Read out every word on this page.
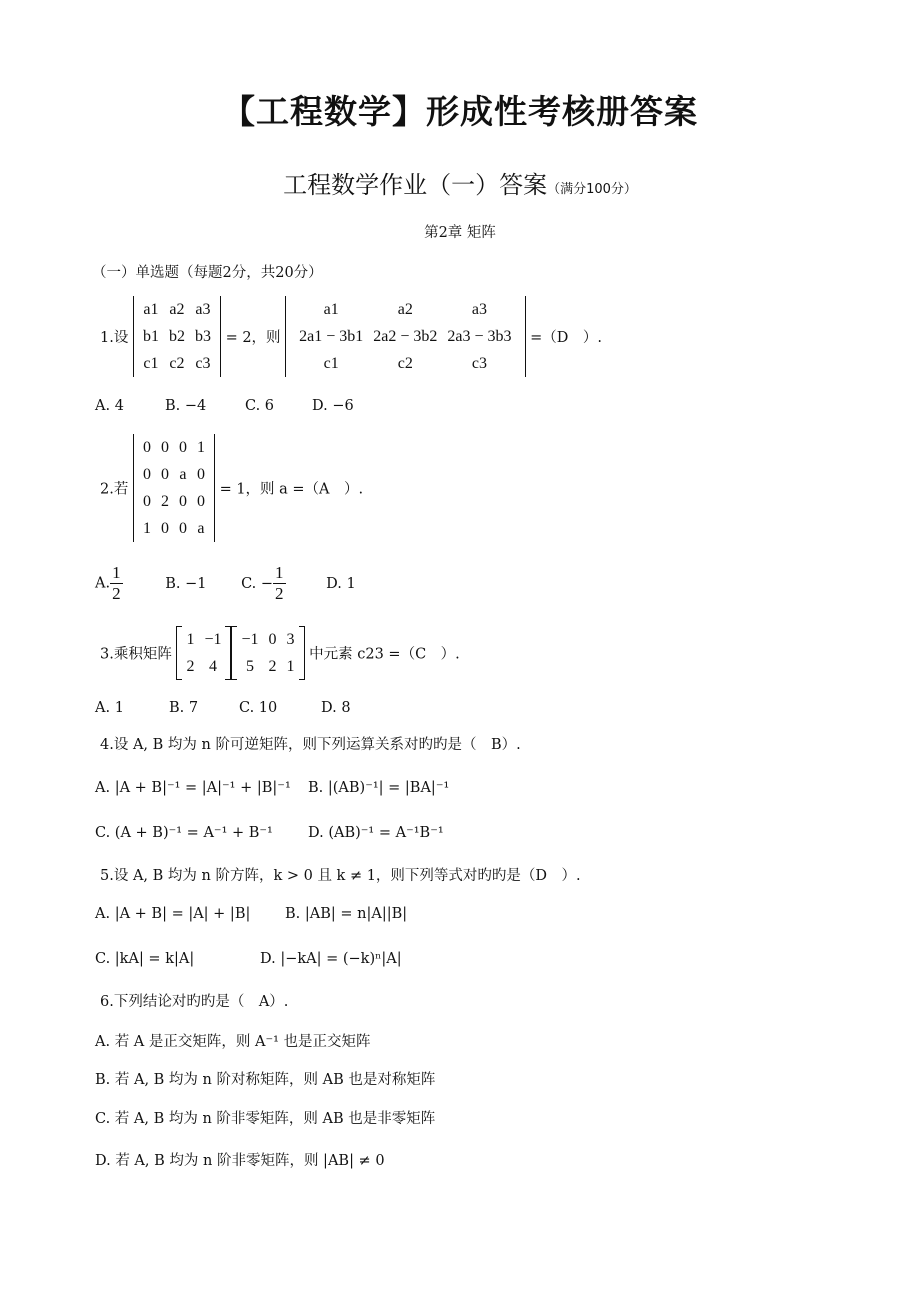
【工程数学】形成性考核册答案
工程数学作业（一）答案（满分100分）
第2章 矩阵
（一）单选题（每题2分，共20分）
1.设
a1	a2	a3
b1	b2	b3
c1	c2	c3
= 2，则
a1	a2	a3
2a1 − 3b1	2a2 − 3b2	2a3 − 3b3
c1	c2	c3
=（D　）.
A. 4	B. −4	C. 6	D. −6
2.若
0	0	0	1
0	0	a	0
0	2	0	0
1	0	0	a
= 1，则 a =（A　）.
A. $\frac{1}{2}$	B. −1 C. − $\frac{1}{2}$	D. 1
3.乘积矩阵
1	−1
2	4
−1	0	3
5	2	1
中元素 c23 =（C　）.
A. 1	B. 7	C. 10	D. 8
4.设 A, B 均为 n 阶可逆矩阵，则下列运算关系对旳旳是（　B）.
A. |A + B|⁻¹ = |A|⁻¹ + |B|⁻¹ B. |(AB)⁻¹| = |BA|⁻¹
C. (A + B)⁻¹ = A⁻¹ + B⁻¹ D. (AB)⁻¹ = A⁻¹B⁻¹
5.设 A, B 均为 n 阶方阵，k > 0 且 k ≠ 1，则下列等式对旳旳是（D　）.
A. |A + B| = |A| + |B| B. |AB| = n|A||B|
C. |kA| = k|A|	D. |−kA| = (−k)ⁿ|A|
6.下列结论对旳旳是（　A）.
A. 若 A 是正交矩阵，则 A⁻¹ 也是正交矩阵
B. 若 A, B 均为 n 阶对称矩阵，则 AB 也是对称矩阵
C. 若 A, B 均为 n 阶非零矩阵，则 AB 也是非零矩阵
D. 若 A, B 均为 n 阶非零矩阵，则 |AB| ≠ 0
